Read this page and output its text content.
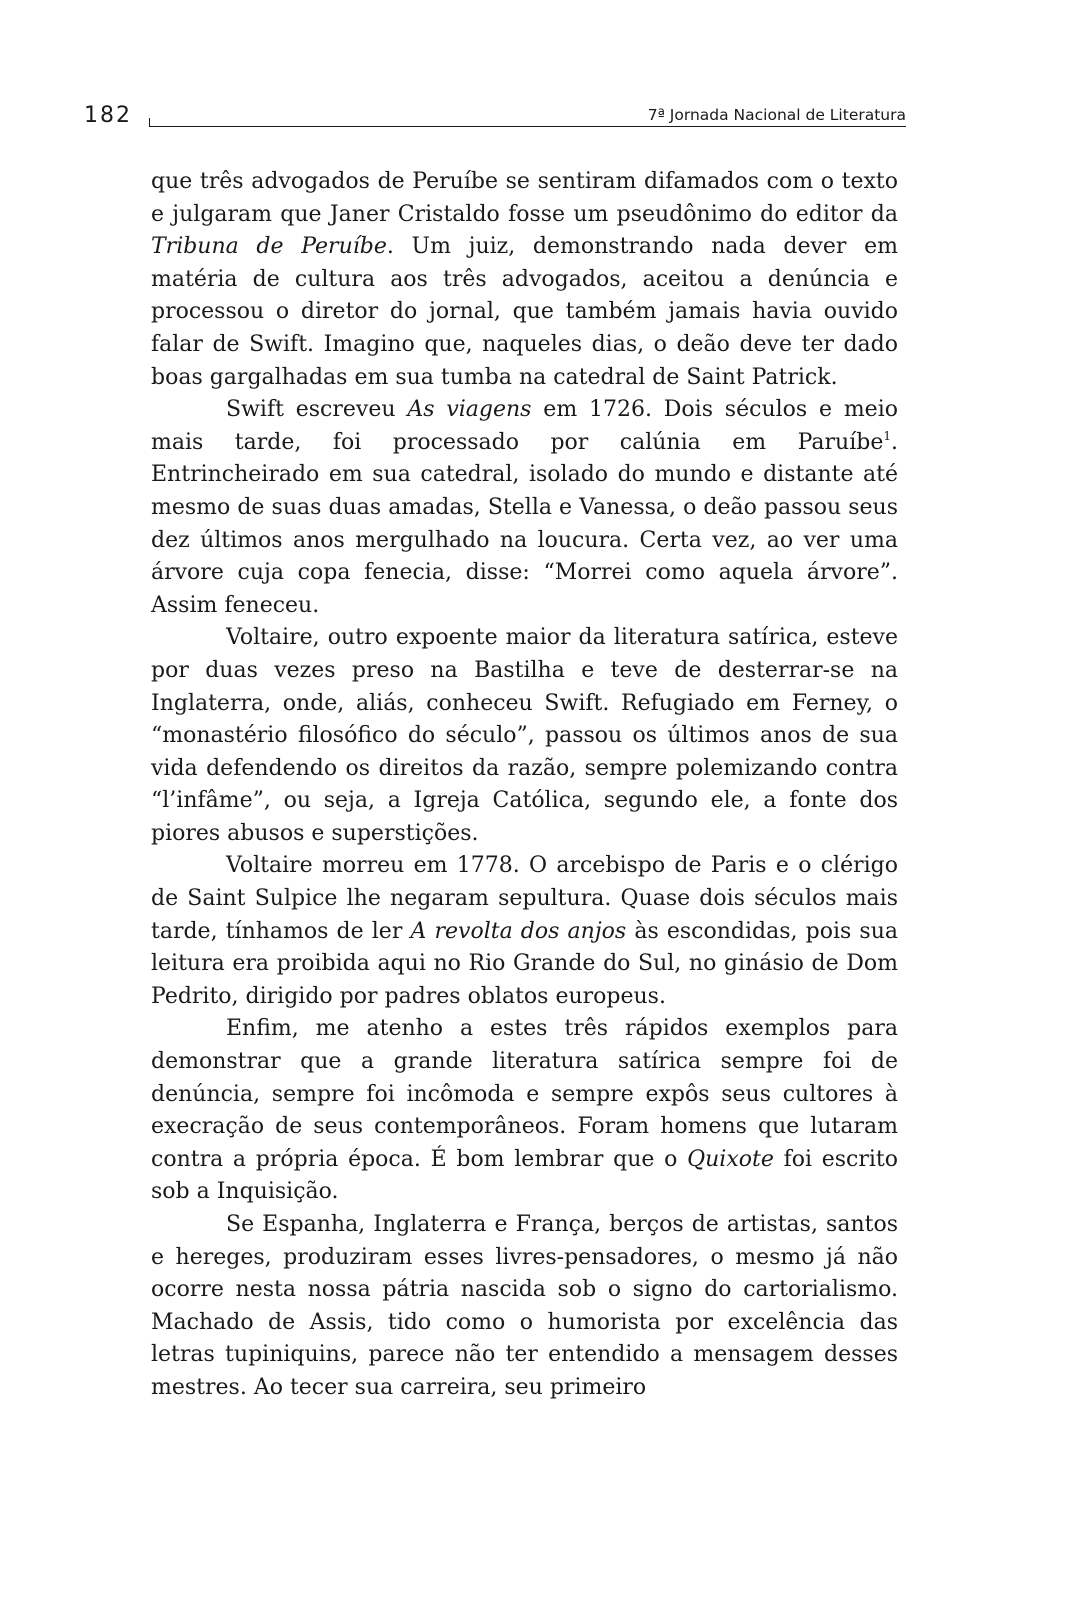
182	7ª Jornada Nacional de Literatura

que três advogados de Peruíbe se sentiram difamados com o texto e julgaram que Janer Cristaldo fosse um pseudônimo do editor da Tribuna de Peruíbe. Um juiz, demonstrando nada dever em matéria de cultura aos três advogados, aceitou a denúncia e processou o diretor do jornal, que também jamais havia ouvido falar de Swift. Imagino que, naqueles dias, o deão deve ter dado boas gargalhadas em sua tumba na catedral de Saint Patrick.

Swift escreveu As viagens em 1726. Dois séculos e meio mais tarde, foi processado por calúnia em Paruíbe$^1$. Entrincheirado em sua catedral, isolado do mundo e distante até mesmo de suas duas amadas, Stella e Vanessa, o deão passou seus dez últimos anos mergulhado na loucura. Certa vez, ao ver uma árvore cuja copa fenecia, disse: “Morrei como aquela árvore”. Assim feneceu.

Voltaire, outro expoente maior da literatura satírica, esteve por duas vezes preso na Bastilha e teve de desterrar-se na Inglaterra, onde, aliás, conheceu Swift. Refugiado em Ferney, o “monastério filosófico do século”, passou os últimos anos de sua vida defendendo os direitos da razão, sempre polemizando contra “l’infâme”, ou seja, a Igreja Católica, segundo ele, a fonte dos piores abusos e superstições.

Voltaire morreu em 1778. O arcebispo de Paris e o clérigo de Saint Sulpice lhe negaram sepultura. Quase dois séculos mais tarde, tínhamos de ler A revolta dos anjos às escondidas, pois sua leitura era proibida aqui no Rio Grande do Sul, no ginásio de Dom Pedrito, dirigido por padres oblatos europeus.

Enfim, me atenho a estes três rápidos exemplos para demonstrar que a grande literatura satírica sempre foi de denúncia, sempre foi incômoda e sempre expôs seus cultores à execração de seus contemporâneos. Foram homens que lutaram contra a própria época. É bom lembrar que o Quixote foi escrito sob a Inquisição.

Se Espanha, Inglaterra e França, berços de artistas, santos e hereges, produziram esses livres-pensadores, o mesmo já não ocorre nesta nossa pátria nascida sob o signo do cartorialismo. Machado de Assis, tido como o humorista por excelência das letras tupiniquins, parece não ter entendido a mensagem desses mestres. Ao tecer sua carreira, seu primeiro
